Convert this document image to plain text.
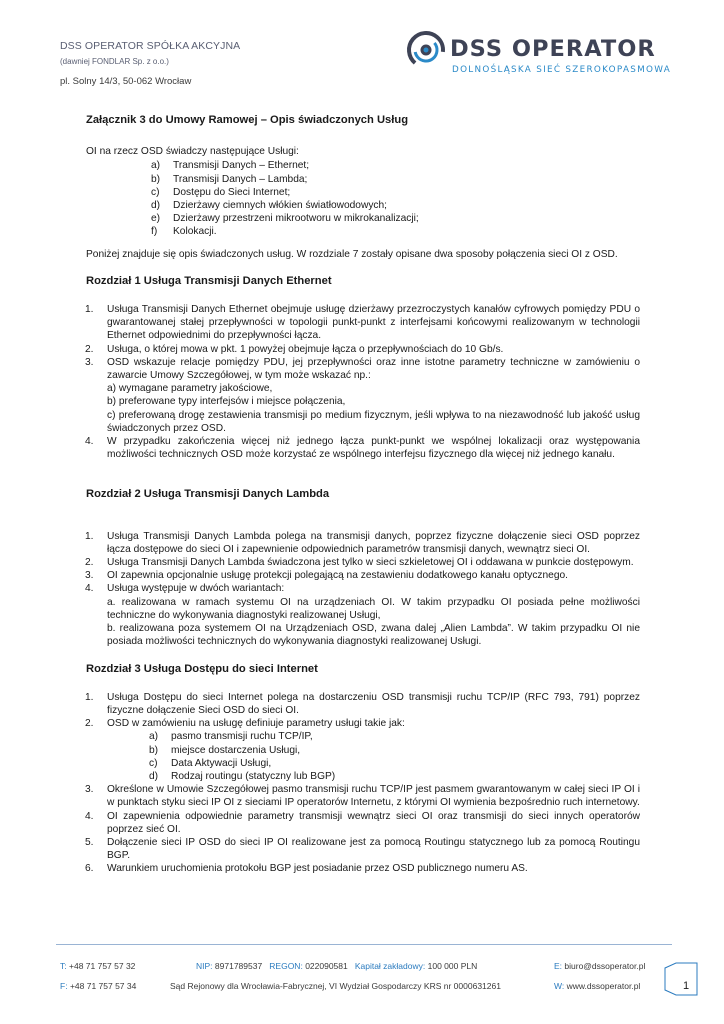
DSS OPERATOR SPÓŁKA AKCYJNA
(dawniej FONDLAR Sp. z o.o.)
pl. Solny 14/3, 50-062 Wrocław
DSS OPERATOR
DOLNOŚLĄSKA SIEĆ SZEROKOPASMOWA
Załącznik 3 do Umowy Ramowej – Opis świadczonych Usług

OI na rzecz OSD świadczy następujące Usługi:

a)	Transmisji Danych – Ethernet;
b)	Transmisji Danych – Lambda;
c)	Dostępu do Sieci Internet;
d)	Dzierżawy ciemnych włókien światłowodowych;
e)	Dzierżawy przestrzeni mikrootworu w mikrokanalizacji;
f)	Kolokacji.

Poniżej znajduje się opis świadczonych usług. W rozdziale 7 zostały opisane dwa sposoby połączenia sieci OI z OSD.

Rozdział 1 Usługa Transmisji Danych Ethernet
1.	Usługa Transmisji Danych Ethernet obejmuje usługę dzierżawy przezroczystych kanałów cyfrowych pomiędzy PDU o gwarantowanej stałej przepływności w topologii punkt-punkt z interfejsami końcowymi realizowanym w technologii Ethernet odpowiednimi do przepływności łącza.
2.	Usługa, o której mowa w pkt. 1 powyżej obejmuje łącza o przepływnościach do 10 Gb/s.
3.	OSD wskazuje relacje pomiędzy PDU, jej przepływności oraz inne istotne parametry techniczne w zamówieniu o zawarcie Umowy Szczegółowej, w tym może wskazać np.:
a) wymagane parametry jakościowe,
b) preferowane typy interfejsów i miejsce połączenia,
c) preferowaną drogę zestawienia transmisji po medium fizycznym, jeśli wpływa to na niezawodność lub jakość usług świadczonych przez OSD.
4.	W przypadku zakończenia więcej niż jednego łącza punkt-punkt we wspólnej lokalizacji oraz występowania możliwości technicznych OSD może korzystać ze wspólnego interfejsu fizycznego dla więcej niż jednego kanału.
Rozdział 2 Usługa Transmisji Danych Lambda
1.	Usługa Transmisji Danych Lambda polega na transmisji danych, poprzez fizyczne dołączenie sieci OSD poprzez łącza dostępowe do sieci OI i zapewnienie odpowiednich parametrów transmisji danych, wewnątrz sieci OI.
2.	Usługa Transmisji Danych Lambda świadczona jest tylko w sieci szkieletowej OI i oddawana w punkcie dostępowym.
3.	OI zapewnia opcjonalnie usługę protekcji polegającą na zestawieniu dodatkowego kanału optycznego.
4.	Usługa występuje w dwóch wariantach:
a. realizowana w ramach systemu OI na urządzeniach OI. W takim przypadku OI posiada pełne możliwości techniczne do wykonywania diagnostyki realizowanej Usługi,
b. realizowana poza systemem OI na Urządzeniach OSD, zwana dalej „Alien Lambda”. W takim przypadku OI nie posiada możliwości technicznych do wykonywania diagnostyki realizowanej Usługi.
Rozdział 3 Usługa Dostępu do sieci Internet
1.	Usługa Dostępu do sieci Internet polega na dostarczeniu OSD transmisji ruchu TCP/IP (RFC 793, 791) poprzez fizyczne dołączenie Sieci OSD do sieci OI.
2.	OSD w zamówieniu na usługę definiuje parametry usługi takie jak:
a)	pasmo transmisji ruchu TCP/IP,
b)	miejsce dostarczenia Usługi,
c)	Data Aktywacji Usługi,
d)	Rodzaj routingu (statyczny lub BGP)
3.	Określone w Umowie Szczegółowej pasmo transmisji ruchu TCP/IP jest pasmem gwarantowanym w całej sieci IP OI i w punktach styku sieci IP OI z sieciami IP operatorów Internetu, z którymi OI wymienia bezpośrednio ruch internetowy.
4.	OI zapewnienia odpowiednie parametry transmisji wewnątrz sieci OI oraz transmisji do sieci innych operatorów poprzez sieć OI.
5.	Dołączenie sieci IP OSD do sieci IP OI realizowane jest za pomocą Routingu statycznego lub za pomocą Routingu BGP.
6.	Warunkiem uruchomienia protokołu BGP jest posiadanie przez OSD publicznego numeru AS.
T: +48 71 757 57 32	NIP: 8971789537 REGON: 022090581 Kapitał zakładowy: 100 000 PLN	E: biuro@dssoperator.pl
F: +48 71 757 57 34	Sąd Rejonowy dla Wrocławia-Fabrycznej, VI Wydział Gospodarczy KRS nr 0000631261	W: www.dssoperator.pl	1
